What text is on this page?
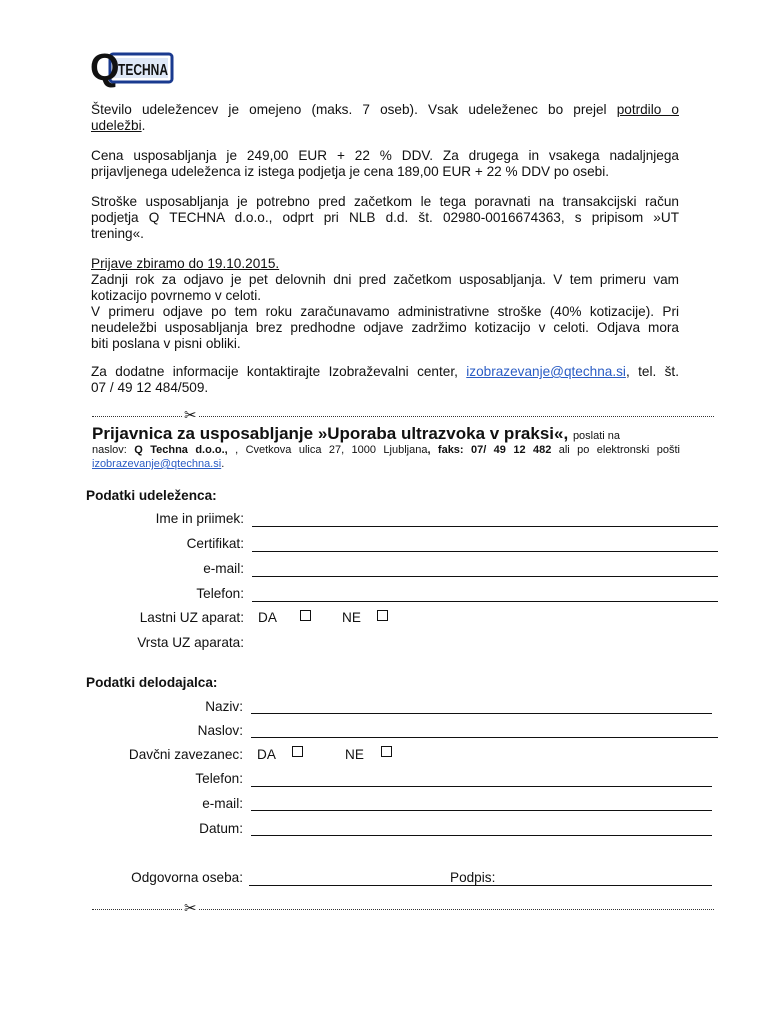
Q
TECHNA
Število udeležencev je omejeno (maks. 7 oseb). Vsak udeleženec bo prejel potrdilo o
udeležbi.
Cena usposabljanja je 249,00 EUR + 22 % DDV. Za drugega in vsakega nadaljnjega
prijavljenega udeleženca iz istega podjetja je cena 189,00 EUR + 22 % DDV po osebi.
Stroške usposabljanja je potrebno pred začetkom le tega poravnati na transakcijski račun
podjetja Q TECHNA d.o.o., odprt pri NLB d.d. št. 02980-0016674363, s pripisom »UT
trening«.
Prijave zbiramo do 19.10.2015.
Zadnji rok za odjavo je pet delovnih dni pred začetkom usposabljanja. V tem primeru vam
kotizacijo povrnemo v celoti.
V primeru odjave po tem roku zaračunavamo administrativne stroške (40% kotizacije). Pri
neudeležbi usposabljanja brez predhodne odjave zadržimo kotizacijo v celoti. Odjava mora
biti poslana v pisni obliki.
Za dodatne informacije kontaktirajte Izobraževalni center, izobrazevanje@qtechna.si, tel. št.
07 / 49 12 484/509.
✂
Prijavnica za usposabljanje »Uporaba ultrazvoka v praksi«, poslati na
naslov: Q Techna d.o.o., , Cvetkova ulica 27, 1000 Ljubljana, faks: 07/ 49 12 482 ali po elektronski pošti
izobrazevanje@qtechna.si.
Podatki udeleženca:
Ime in priimek:
Certifikat:
e-mail:
Telefon:
Lastni UZ aparat: DA	NE
Vrsta UZ aparata:
Podatki delodajalca:
Naziv:
Naslov:
Davčni zavezanec: DA	NE
Telefon:
e-mail:
Datum:
Odgovorna oseba:	Podpis:
✂
